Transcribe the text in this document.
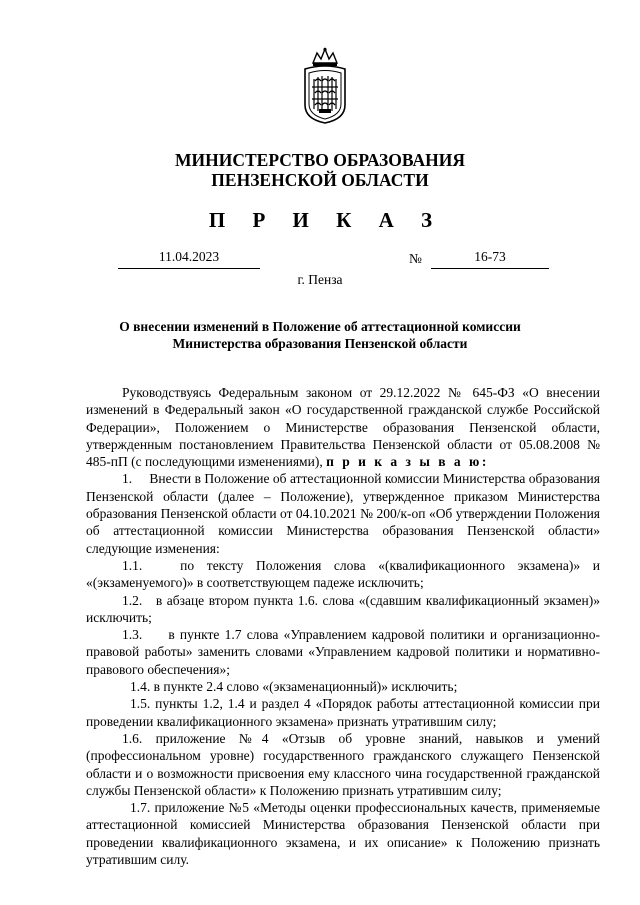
МИНИСТЕРСТВО ОБРАЗОВАНИЯ
ПЕНЗЕНСКОЙ ОБЛАСТИ
П Р И К А З
11.04.2023	№	16-73
г. Пенза
О внесении изменений в Положение об аттестационной комиссии
Министерства образования Пензенской области

Руководствуясь Федеральным законом от 29.12.2022 № 645-ФЗ «О внесении изменений в Федеральный закон «О государственной гражданской службе Российской Федерации», Положением о Министерстве образования Пензенской области, утвержденным постановлением Правительства Пензенской области от 05.08.2008 № 485-пП (с последующими изменениями), п р и к а з ы в а ю:

1.     Внести в Положение об аттестационной комиссии Министерства образования Пензенской области (далее – Положение), утвержденное приказом Министерства образования Пензенской области от 04.10.2021 № 200/к-оп «Об утверждении Положения об аттестационной комиссии Министерства образования Пензенской области» следующие изменения:

1.1.   по тексту Положения слова «(квалификационного экзамена)» и «(экзаменуемого)» в соответствующем падеже исключить;

1.2.   в абзаце втором пункта 1.6. слова «(сдавшим квалификационный экзамен)» исключить;

1.3.     в пункте 1.7 слова «Управлением кадровой политики и организационно-правовой работы» заменить словами «Управлением кадровой политики и нормативно-правового обеспечения»;

1.4. в пункте 2.4 слово «(экзаменационный)» исключить;

1.5. пункты 1.2, 1.4 и раздел 4 «Порядок работы аттестационной комиссии при проведении квалификационного экзамена» признать утратившим силу;

1.6. приложение №4 «Отзыв об уровне знаний, навыков и умений (профессиональном уровне) государственного гражданского служащего Пензенской области и о возможности присвоения ему классного чина государственной гражданской службы Пензенской области» к Положению признать утратившим силу;

1.7. приложение №5 «Методы оценки профессиональных качеств, применяемые аттестационной комиссией Министерства образования Пензенской области при проведении квалификационного экзамена, и их описание» к Положению признать утратившим силу.
